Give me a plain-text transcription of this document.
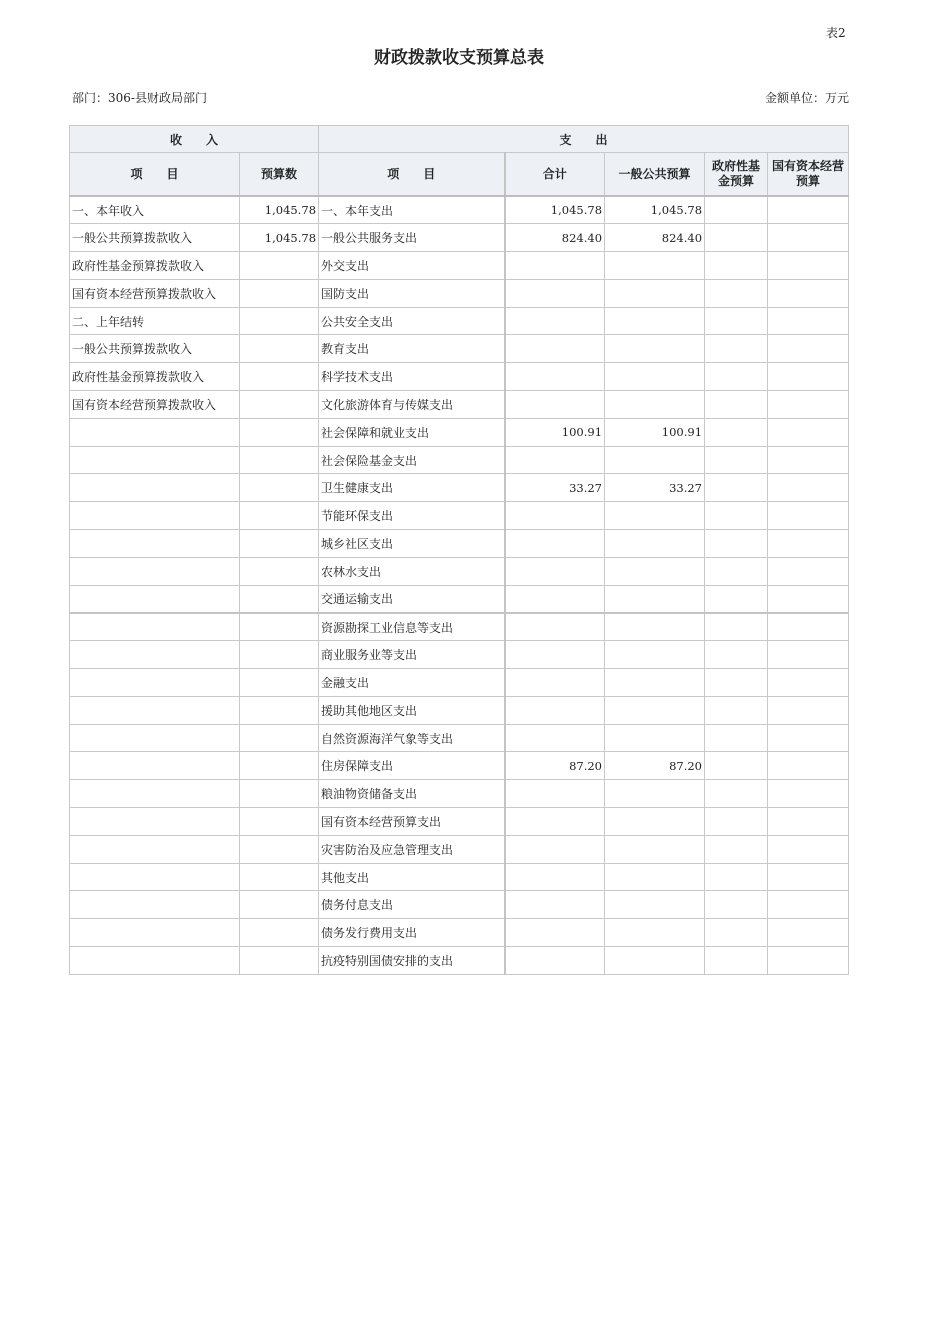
表2
财政拨款收支预算总表
部门：306-县财政局部门	金额单位：万元
收　　入		支　　出				
项　　目	预算数	项　　目	合计	一般公共预算	政府性基金预算	国有资本经营预算
一、本年收入	1,045.78	一、本年支出	1,045.78	1,045.78		
一般公共预算拨款收入	1,045.78	一般公共服务支出	824.40	824.40		
政府性基金预算拨款收入		外交支出				
国有资本经营预算拨款收入		国防支出				
二、上年结转		公共安全支出				
一般公共预算拨款收入		教育支出				
政府性基金预算拨款收入		科学技术支出				
国有资本经营预算拨款收入		文化旅游体育与传媒支出				
		社会保障和就业支出	100.91	100.91		
		社会保险基金支出				
		卫生健康支出	33.27	33.27		
		节能环保支出				
		城乡社区支出				
		农林水支出				
		交通运输支出				
		资源勘探工业信息等支出				
		商业服务业等支出				
		金融支出				
		援助其他地区支出				
		自然资源海洋气象等支出				
		住房保障支出	87.20	87.20		
		粮油物资储备支出				
		国有资本经营预算支出				
		灾害防治及应急管理支出				
		其他支出				
		债务付息支出				
		债务发行费用支出				
		抗疫特别国债安排的支出				
